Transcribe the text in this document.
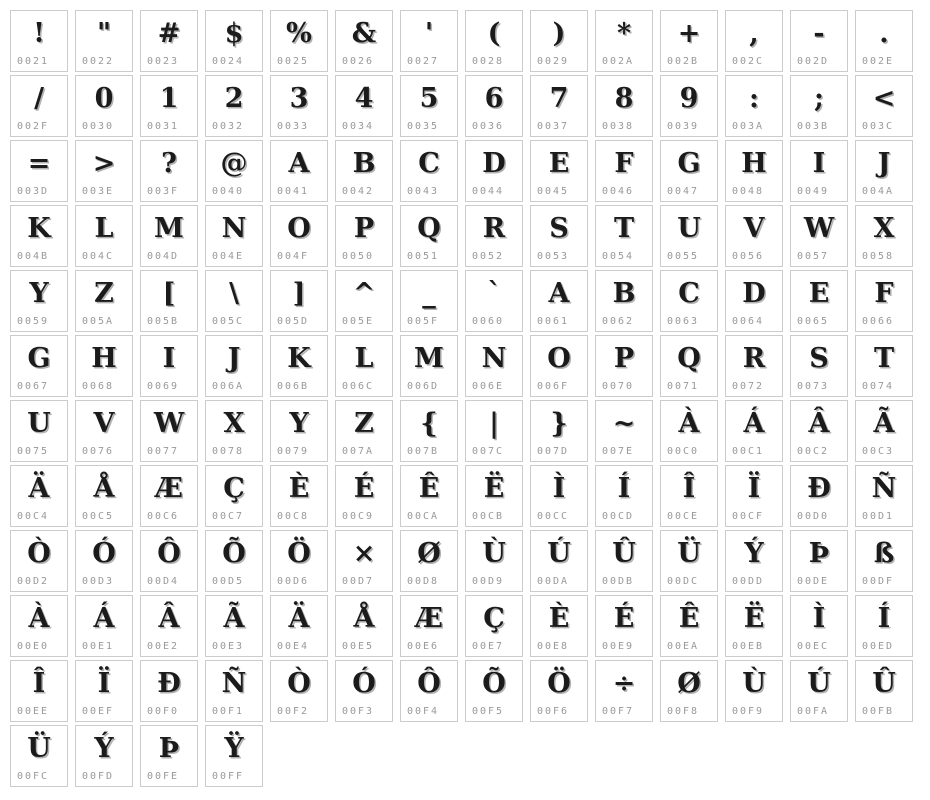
!
0021
"
0022
#
0023
$
0024
%
0025
&
0026
'
0027
(
0028
)
0029
*
002A
+
002B
,
002C
-
002D
.
002E
/
002F
0
0030
1
0031
2
0032
3
0033
4
0034
5
0035
6
0036
7
0037
8
0038
9
0039
:
003A
;
003B
<
003C
=
003D
>
003E
?
003F
@
0040
A
0041
B
0042
C
0043
D
0044
E
0045
F
0046
G
0047
H
0048
I
0049
J
004A
K
004B
L
004C
M
004D
N
004E
O
004F
P
0050
Q
0051
R
0052
S
0053
T
0054
U
0055
V
0056
W
0057
X
0058
Y
0059
Z
005A
[
005B
\
005C
]
005D
^
005E
_
005F
`
0060
A
0061
B
0062
C
0063
D
0064
E
0065
F
0066
G
0067
H
0068
I
0069
J
006A
K
006B
L
006C
M
006D
N
006E
O
006F
P
0070
Q
0071
R
0072
S
0073
T
0074
U
0075
V
0076
W
0077
X
0078
Y
0079
Z
007A
{
007B
|
007C
}
007D
~
007E
À
00C0
Á
00C1
Â
00C2
Ã
00C3
Ä
00C4
Å
00C5
Æ
00C6
Ç
00C7
È
00C8
É
00C9
Ê
00CA
Ë
00CB
Ì
00CC
Í
00CD
Î
00CE
Ï
00CF
Ð
00D0
Ñ
00D1
Ò
00D2
Ó
00D3
Ô
00D4
Õ
00D5
Ö
00D6
×
00D7
Ø
00D8
Ù
00D9
Ú
00DA
Û
00DB
Ü
00DC
Ý
00DD
Þ
00DE
ß
00DF
À
00E0
Á
00E1
Â
00E2
Ã
00E3
Ä
00E4
Å
00E5
Æ
00E6
Ç
00E7
È
00E8
É
00E9
Ê
00EA
Ë
00EB
Ì
00EC
Í
00ED
Î
00EE
Ï
00EF
Ð
00F0
Ñ
00F1
Ò
00F2
Ó
00F3
Ô
00F4
Õ
00F5
Ö
00F6
÷
00F7
Ø
00F8
Ù
00F9
Ú
00FA
Û
00FB
Ü
00FC
Ý
00FD
Þ
00FE
Ÿ
00FF
